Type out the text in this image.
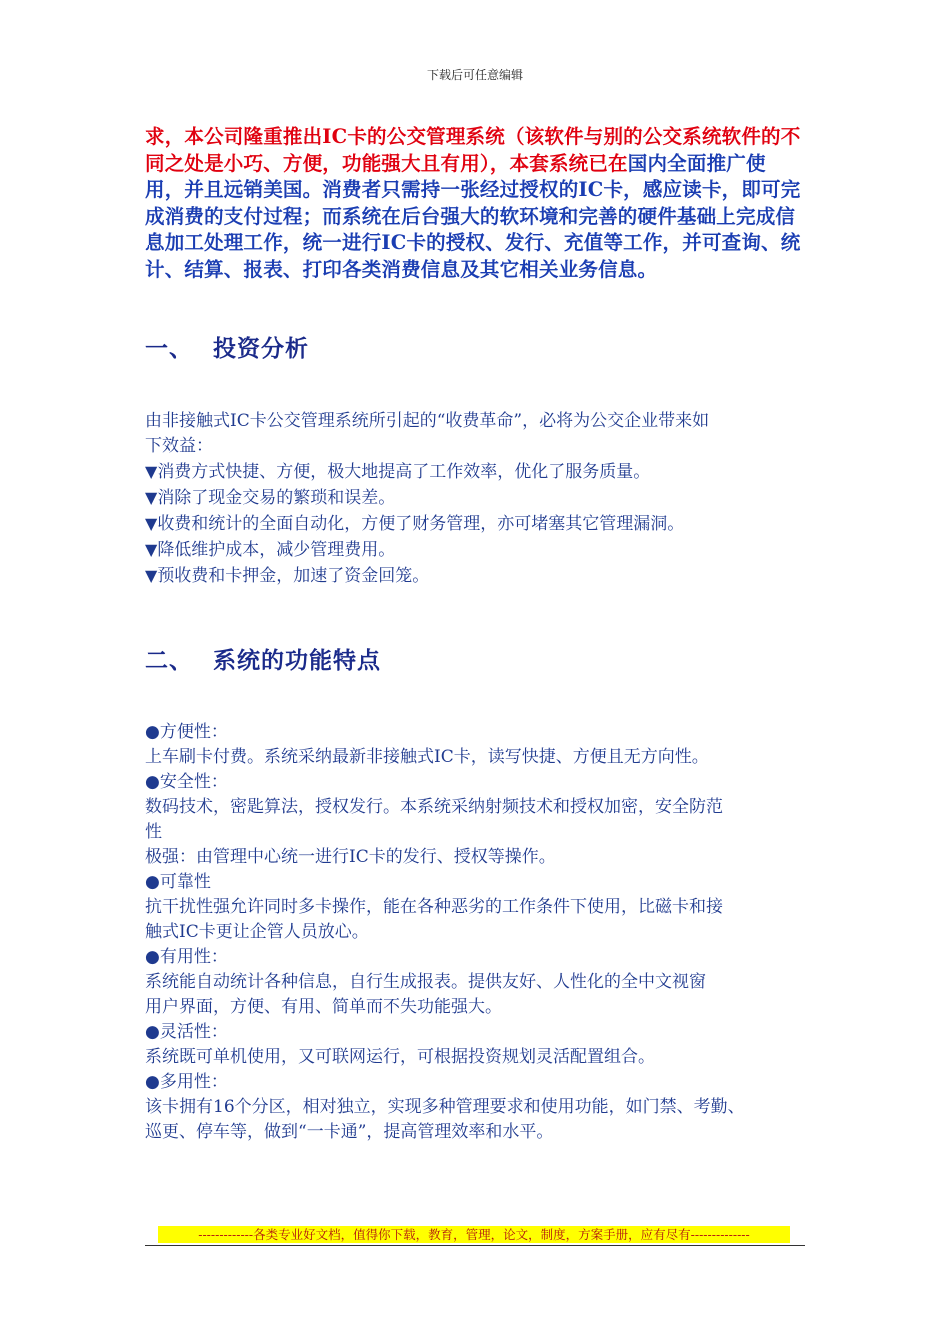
下载后可任意编辑
求，本公司隆重推出IC卡的公交管理系统（该软件与别的公交系统软件的不同之处是小巧、方便，功能强大且有用），本套系统已在国内全面推广使用，并且远销美国。消费者只需持一张经过授权的IC卡，感应读卡，即可完成消费的支付过程；而系统在后台强大的软环境和完善的硬件基础上完成信息加工处理工作，统一进行IC卡的授权、发行、充值等工作，并可查询、统计、结算、报表、打印各类消费信息及其它相关业务信息。
一、 投资分析
由非接触式IC卡公交管理系统所引起的“收费革命”，必将为公交企业带来如
下效益：
▼消费方式快捷、方便，极大地提高了工作效率，优化了服务质量。
▼消除了现金交易的繁琐和误差。
▼收费和统计的全面自动化，方便了财务管理，亦可堵塞其它管理漏洞。
▼降低维护成本，减少管理费用。
▼预收费和卡押金，加速了资金回笼。
二、 系统的功能特点
●方便性：
上车刷卡付费。系统采纳最新非接触式IC卡，读写快捷、方便且无方向性。
●安全性：
数码技术，密匙算法，授权发行。本系统采纳射频技术和授权加密，安全防范
性
极强：由管理中心统一进行IC卡的发行、授权等操作。
●可靠性
抗干扰性强允许同时多卡操作，能在各种恶劣的工作条件下使用，比磁卡和接
触式IC卡更让企管人员放心。
●有用性：
系统能自动统计各种信息，自行生成报表。提供友好、人性化的全中文视窗
用户界面，方便、有用、简单而不失功能强大。
●灵活性：
系统既可单机使用，又可联网运行，可根据投资规划灵活配置组合。
●多用性：
该卡拥有16个分区，相对独立，实现多种管理要求和使用功能，如门禁、考勤、
巡更、停车等，做到“一卡通”，提高管理效率和水平。
-------------各类专业好文档，值得你下载，教育，管理，论文，制度，方案手册，应有尽有--------------
